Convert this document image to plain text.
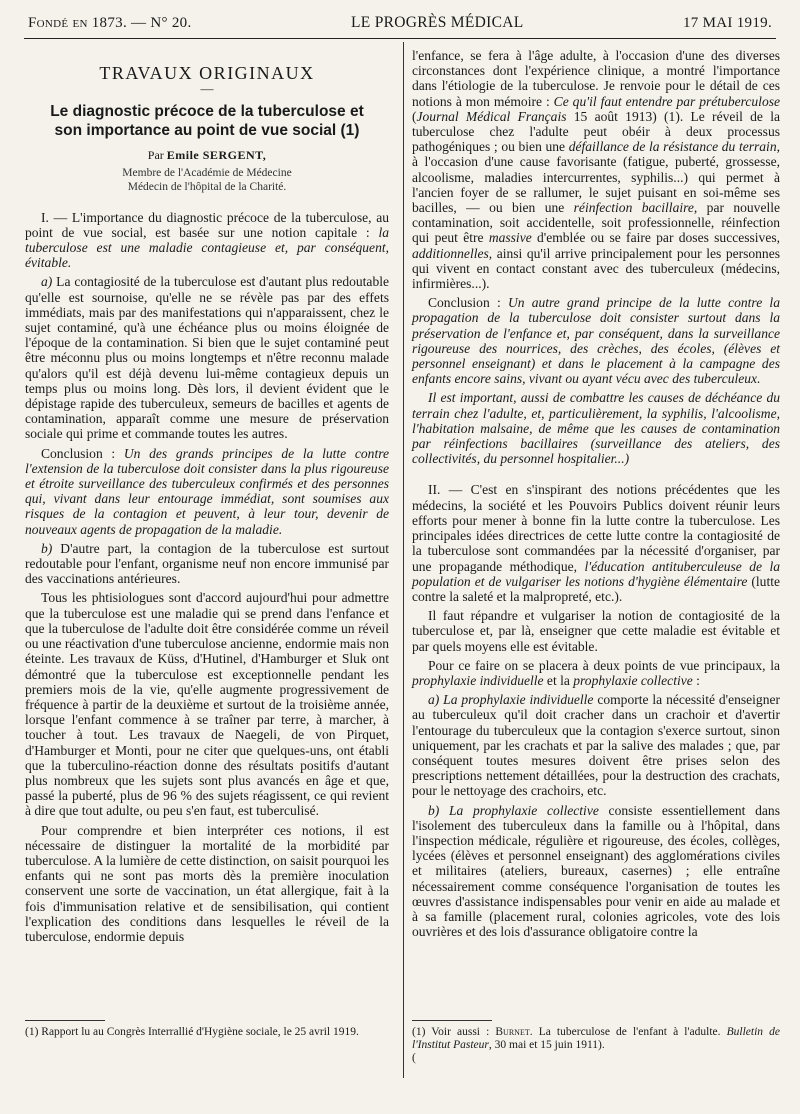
Fondé en 1873. — N° 20.	LE PROGRÈS MÉDICAL	17 MAI 1919.
TRAVAUX ORIGINAUX
—
Le diagnostic précoce de la tuberculose et son importance au point de vue social (1)
Par Emile SERGENT,
Membre de l'Académie de Médecine
Médecin de l'hôpital de la Charité.

I. — L'importance du diagnostic précoce de la tuberculose, au point de vue social, est basée sur une notion capitale : la tuberculose est une maladie contagieuse et, par conséquent, évitable.

a) La contagiosité de la tuberculose est d'autant plus redoutable qu'elle est sournoise, qu'elle ne se révèle pas par des effets immédiats, mais par des manifestations qui n'apparaissent, chez le sujet contaminé, qu'à une échéance plus ou moins éloignée de l'époque de la contamination. Si bien que le sujet contaminé peut être méconnu plus ou moins longtemps et n'être reconnu malade qu'alors qu'il est déjà devenu lui-même contagieux depuis un temps plus ou moins long. Dès lors, il devient évident que le dépistage rapide des tuberculeux, semeurs de bacilles et agents de contamination, apparaît comme une mesure de préservation sociale qui prime et commande toutes les autres.

Conclusion : Un des grands principes de la lutte contre l'extension de la tuberculose doit consister dans la plus rigoureuse et étroite surveillance des tuberculeux confirmés et des personnes qui, vivant dans leur entourage immédiat, sont soumises aux risques de la contagion et peuvent, à leur tour, devenir de nouveaux agents de propagation de la maladie.

b) D'autre part, la contagion de la tuberculose est surtout redoutable pour l'enfant, organisme neuf non encore immunisé par des vaccinations antérieures.

Tous les phtisiologues sont d'accord aujourd'hui pour admettre que la tuberculose est une maladie qui se prend dans l'enfance et que la tuberculose de l'adulte doit être considérée comme un réveil ou une réactivation d'une tuberculose ancienne, endormie mais non éteinte. Les travaux de Küss, d'Hutinel, d'Hamburger et Sluk ont démontré que la tuberculose est exceptionnelle pendant les premiers mois de la vie, qu'elle augmente progressivement de fréquence à partir de la deuxième et surtout de la troisième année, lorsque l'enfant commence à se traîner par terre, à marcher, à toucher à tout. Les travaux de Naegeli, de von Pirquet, d'Hamburger et Monti, pour ne citer que quelques-uns, ont établi que la tuberculino-réaction donne des résultats positifs d'autant plus nombreux que les sujets sont plus avancés en âge et que, passé la puberté, plus de 96 % des sujets réagissent, ce qui revient à dire que tout adulte, ou peu s'en faut, est tuberculisé.

Pour comprendre et bien interpréter ces notions, il est nécessaire de distinguer la mortalité de la morbidité par tuberculose. A la lumière de cette distinction, on saisit pourquoi les enfants qui ne sont pas morts dès la première inoculation conservent une sorte de vaccination, un état allergique, fait à la fois d'immunisation relative et de sensibilisation, qui contient l'explication des conditions dans lesquelles le réveil de la tuberculose, endormie depuis

l'enfance, se fera à l'âge adulte, à l'occasion d'une des diverses circonstances dont l'expérience clinique, a montré l'importance dans l'étiologie de la tuberculose. Je renvoie pour le détail de ces notions à mon mémoire : Ce qu'il faut entendre par prétuberculose (Journal Médical Français 15 août 1913) (1). Le réveil de la tuberculose chez l'adulte peut obéir à deux processus pathogéniques ; ou bien une défaillance de la résistance du terrain, à l'occasion d'une cause favorisante (fatigue, puberté, grossesse, alcoolisme, maladies intercurrentes, syphilis...) qui permet à l'ancien foyer de se rallumer, le sujet puisant en soi-même ses bacilles, — ou bien une réinfection bacillaire, par nouvelle contamination, soit accidentelle, soit professionnelle, réinfection qui peut être massive d'emblée ou se faire par doses successives, additionnelles, ainsi qu'il arrive principalement pour les personnes qui vivent en contact constant avec des tuberculeux (médecins, infirmières...).

Conclusion : Un autre grand principe de la lutte contre la propagation de la tuberculose doit consister surtout dans la préservation de l'enfance et, par conséquent, dans la surveillance rigoureuse des nourrices, des crèches, des écoles, (élèves et personnel enseignant) et dans le placement à la campagne des enfants encore sains, vivant ou ayant vécu avec des tuberculeux.

Il est important, aussi de combattre les causes de déchéance du terrain chez l'adulte, et, particulièrement, la syphilis, l'alcoolisme, l'habitation malsaine, de même que les causes de contamination par réinfections bacillaires (surveillance des ateliers, des collectivités, du personnel hospitalier...)

II. — C'est en s'inspirant des notions précédentes que les médecins, la société et les Pouvoirs Publics doivent réunir leurs efforts pour mener à bonne fin la lutte contre la tuberculose. Les principales idées directrices de cette lutte contre la contagiosité de la tuberculose sont commandées par la nécessité d'organiser, par une propagande méthodique, l'éducation antituberculeuse de la population et de vulgariser les notions d'hygiène élémentaire (lutte contre la saleté et la malpropreté, etc.).

Il faut répandre et vulgariser la notion de contagiosité de la tuberculose et, par là, enseigner que cette maladie est évitable et par quels moyens elle est évitable.

Pour ce faire on se placera à deux points de vue principaux, la prophylaxie individuelle et la prophylaxie collective :

a) La prophylaxie individuelle comporte la nécessité d'enseigner au tuberculeux qu'il doit cracher dans un crachoir et d'avertir l'entourage du tuberculeux que la contagion s'exerce surtout, sinon uniquement, par les crachats et par la salive des malades ; que, par conséquent toutes mesures doivent être prises selon des prescriptions nettement détaillées, pour la destruction des crachats, pour le nettoyage des crachoirs, etc.

b) La prophylaxie collective consiste essentiellement dans l'isolement des tuberculeux dans la famille ou à l'hôpital, dans l'inspection médicale, régulière et rigoureuse, des écoles, collèges, lycées (élèves et personnel enseignant) des agglomérations civiles et militaires (ateliers, bureaux, casernes) ; elle entraîne nécessairement comme conséquence l'organisation de toutes les œuvres d'assistance indispensables pour venir en aide au malade et à sa famille (placement rural, colonies agricoles, vote des lois ouvrières et des lois d'assurance obligatoire contre la

(1) Rapport lu au Congrès Interrallié d'Hygiène sociale, le 25 avril 1919.	(1) Voir aussi : Burnet. La tuberculose de l'enfant à l'adulte. Bulletin de l'Institut Pasteur, 30 mai et 15 juin 1911).
(
